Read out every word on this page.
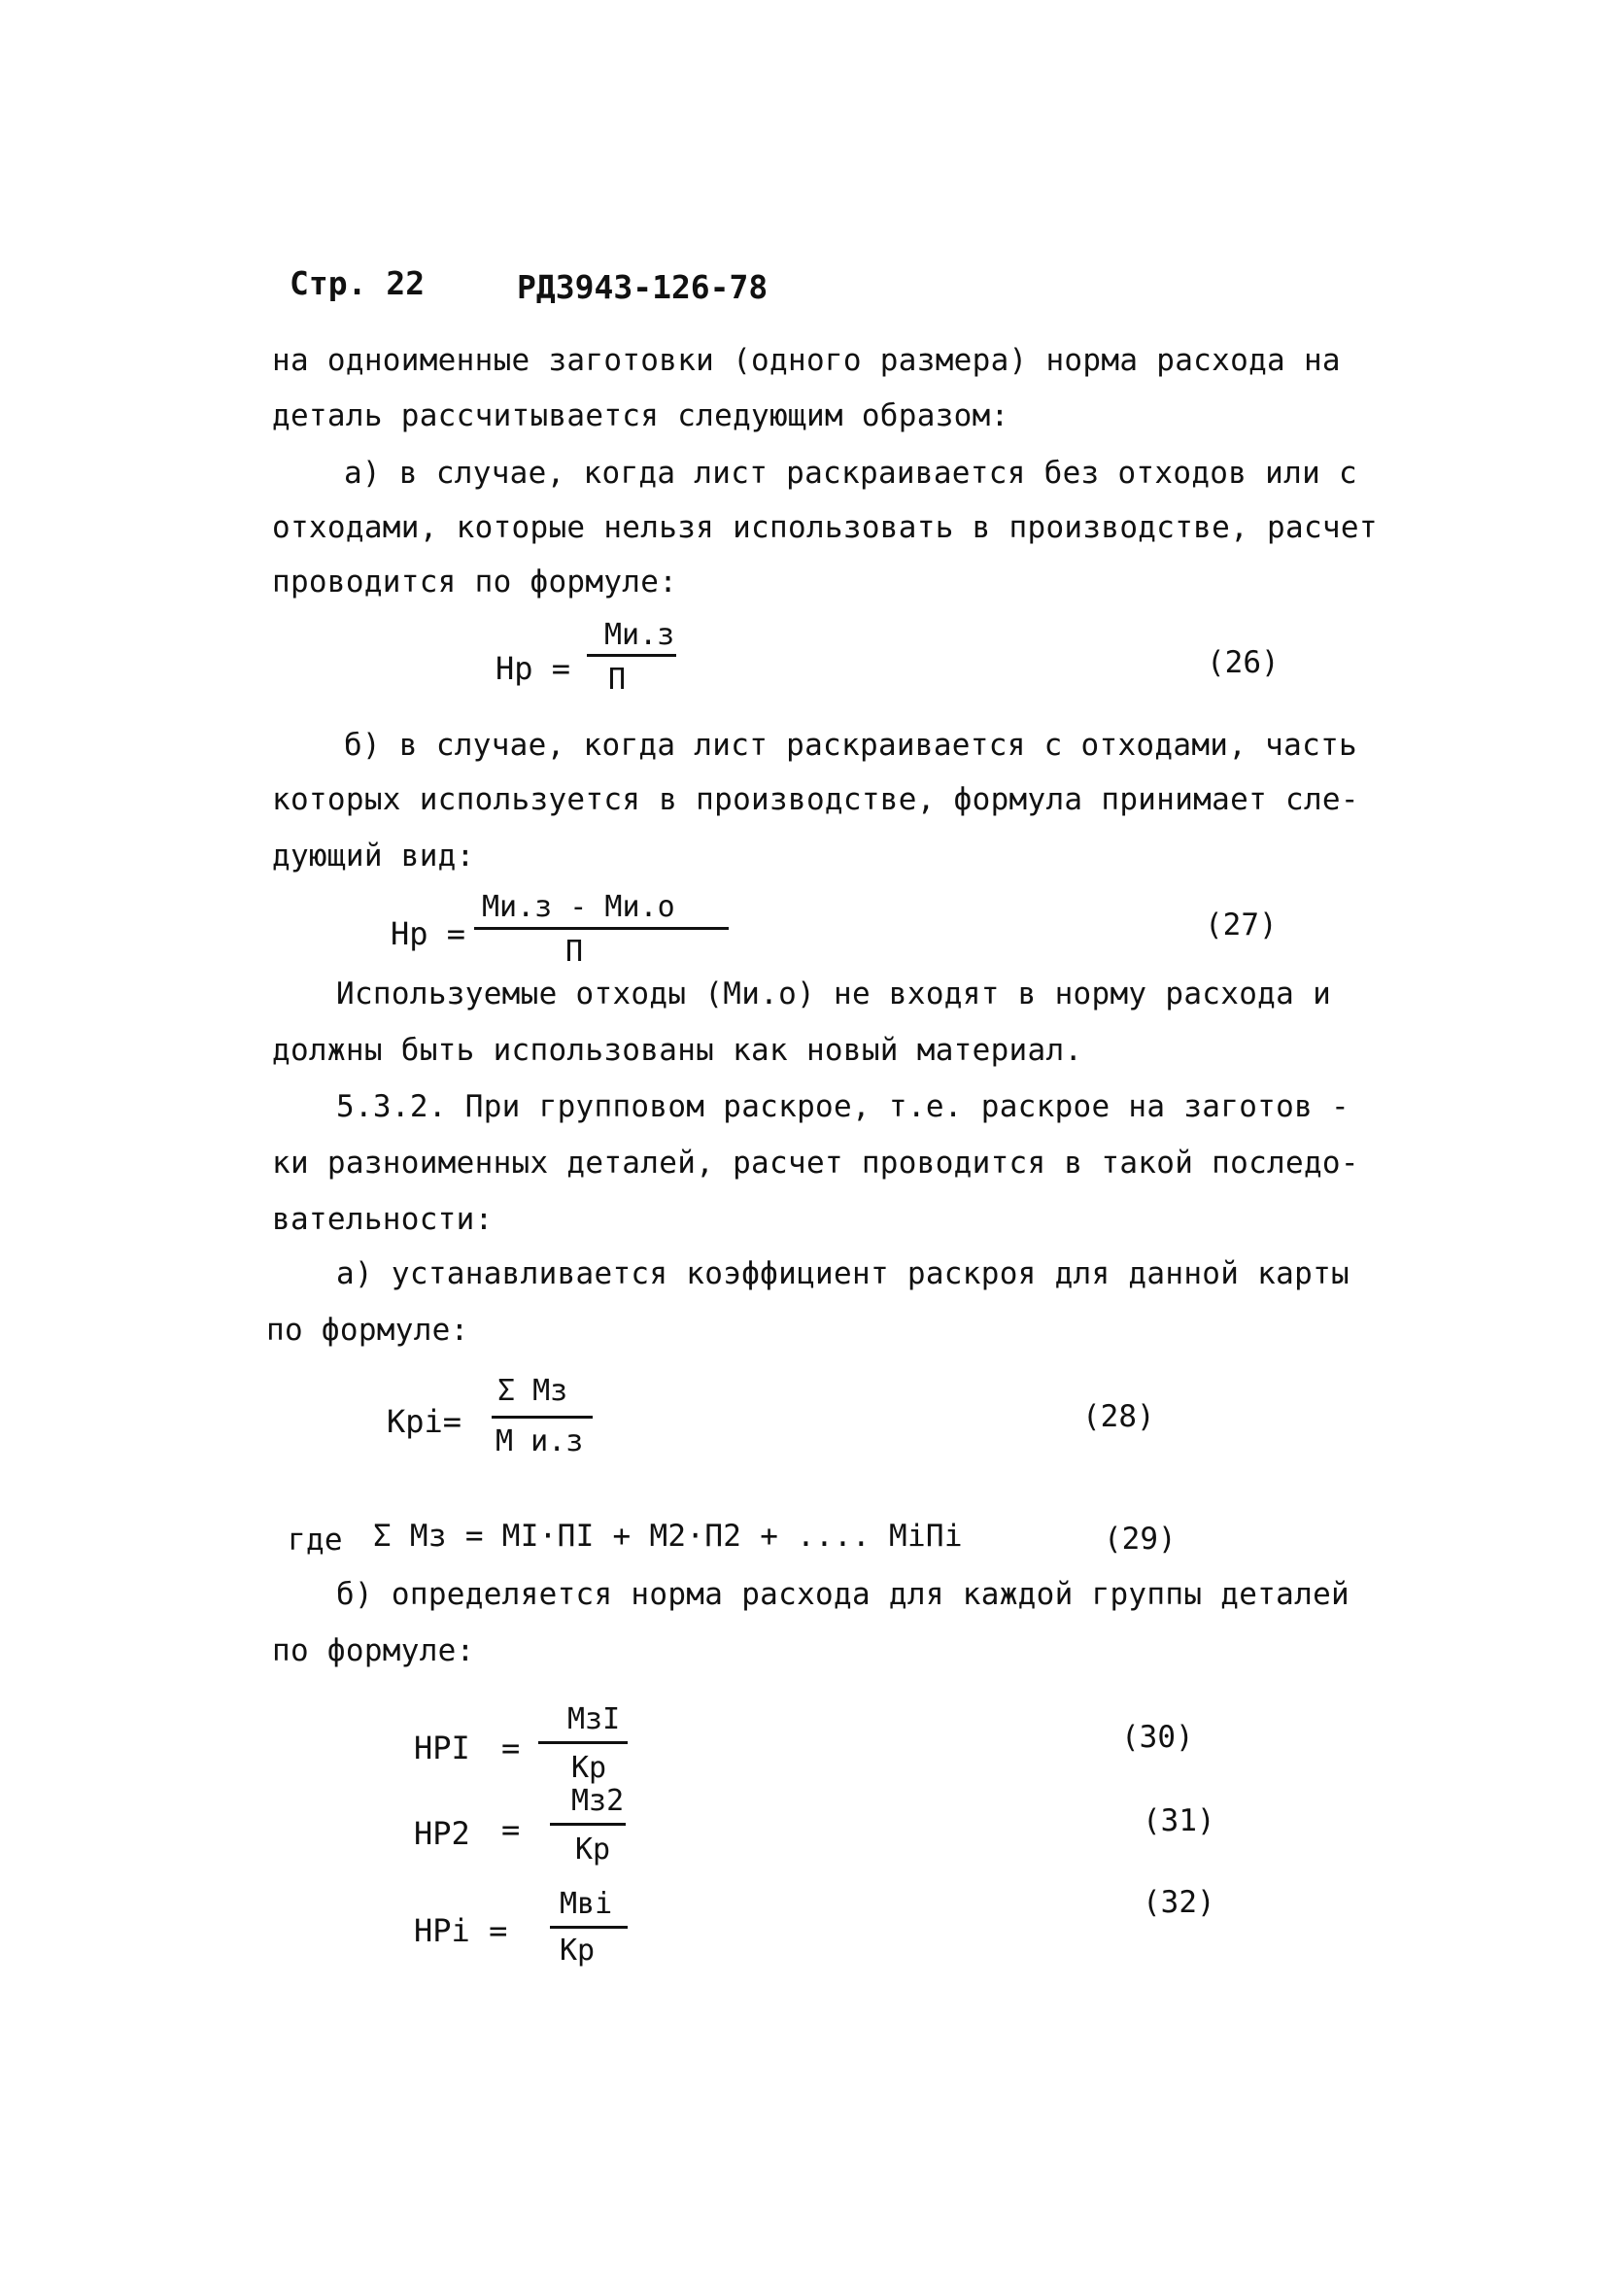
Стр. 22	РД3943-126-78
на одноименные заготовки (одного размера) норма расхода на
деталь рассчитывается следующим образом:
а) в случае, когда лист раскраивается без отходов или с
отходами, которые нельзя использовать в производстве, расчет
проводится по формуле:
Нр =
Ми.з
П	(26)
б) в случае, когда лист раскраивается с отходами, часть
которых используется в производстве, формула принимает сле-
дующий вид:
Нр =
Ми.з - Ми.о
П
(27)
Используемые отходы (Ми.о) не входят в норму расхода и
должны быть использованы как новый материал.
5.3.2. При групповом раскрое, т.е. раскрое на заготов -
ки разноименных деталей, расчет проводится в такой последо-
вательности:
а) устанавливается коэффициент раскроя для данной карты
по формуле:
Kpi=
Σ Мз
М и.з
(28)
где Σ Мз = МI·ПI + М2·П2 + .... МiПi	(29)
б) определяется норма расхода для каждой группы деталей
по формуле:
НРI =
МзI
Кр
(30)
НР2 =
Мз2
Кр
(31)
НРi =
Мвi
Кр
(32)
